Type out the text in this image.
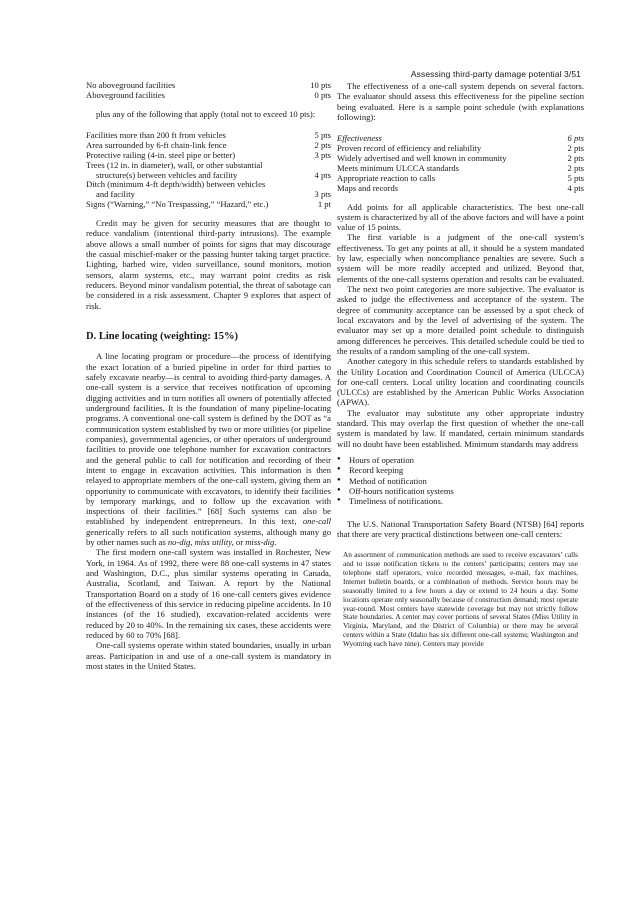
Assessing third-party damage potential 3/51
No aboveground facilities	10 pts
Aboveground facilities	0 pts

plus any of the following that apply (total not to exceed 10 pts):

Facilities more than 200 ft from vehicles	5 pts
Area surrounded by 6-ft chain-link fence	2 pts
Protective railing (4-in. steel pipe or better)	3 pts
Trees (12 in. in diameter), wall, or other substantial	
structure(s) between vehicles and facility	4 pts
Ditch (minimum 4-ft depth/width) between vehicles	
and facility	3 pts
Signs (“Warning,” “No Trespassing,” “Hazard,” etc.)	1 pt

Credit may be given for security measures that are thought to reduce vandalism (intentional third-party intrusions). The example above allows a small number of points for signs that may discourage the casual mischief-maker or the passing hunter taking target practice. Lighting, barbed wire, video surveillance, sound monitors, motion sensors, alarm systems, etc., may warrant point credits as risk reducers. Beyond minor vandalism potential, the threat of sabotage can be considered in a risk assessment. Chapter 9 explores that aspect of risk.

D. Line locating (weighting: 15%)

A line locating program or procedure—the process of identifying the exact location of a buried pipeline in order for third parties to safely excavate nearby—is central to avoiding third-party damages. A one-call system is a service that receives notification of upcoming digging activities and in turn notifies all owners of potentially affected underground facilities. It is the foundation of many pipeline-locating programs. A conventional one-call system is defined by the DOT as “a communication system established by two or more utilities (or pipeline companies), governmental agencies, or other operators of underground facilities to provide one telephone number for excavation contractors and the general public to call for notification and recording of their intent to engage in excavation activities. This information is then relayed to appropriate members of the one-call system, giving them an opportunity to communicate with excavators, to identify their facilities by temporary markings, and to follow up the excavation with inspections of their facilities.” [68] Such systems can also be established by independent entrepreneurs. In this text, one-call generically refers to all such notification systems, although many go by other names such as no-dig, miss utility, or miss-dig.

The first modern one-call system was installed in Rochester, New York, in 1964. As of 1992, there were 88 one-call systems in 47 states and Washington, D.C., plus similar systems operating in Canada, Australia, Scotland, and Taiwan. A report by the National Transportation Board on a study of 16 one-call centers gives evidence of the effectiveness of this service in reducing pipeline accidents. In 10 instances (of the 16 studied), excavation-related accidents were reduced by 20 to 40%. In the remaining six cases, these accidents were reduced by 60 to 70% [68].

One-call systems operate within stated boundaries, usually in urban areas. Participation in and use of a one-call system is mandatory in most states in the United States.

The effectiveness of a one-call system depends on several factors. The evaluator should assess this effectiveness for the pipeline section being evaluated. Here is a sample point schedule (with explanations following):

Effectiveness	6 pts
Proven record of efficiency and reliability	2 pts
Widely advertised and well known in community	2 pts
Meets minimum ULCCA standards	2 pts
Appropriate reaction to calls	5 pts
Maps and records	4 pts

Add points for all applicable characteristics. The best one-call system is characterized by all of the above factors and will have a point value of 15 points.

The first variable is a judgment of the one-call system’s effectiveness. To get any points at all, it should be a system mandated by law, especially when noncompliance penalties are severe. Such a system will be more readily accepted and utilized. Beyond that, elements of the one-call systems operation and results can be evaluated.

The next two point categories are more subjective. The evaluator is asked to judge the effectiveness and acceptance of the system. The degree of community acceptance can be assessed by a spot check of local excavators and by the level of advertising of the system. The evaluator may set up a more detailed point schedule to distinguish among differences he perceives. This detailed schedule could be tied to the results of a random sampling of the one-call system.

Another category in this schedule refers to standards established by the Utility Location and Coordination Council of America (ULCCA) for one-call centers. Local utility location and coordinating councils (ULCCs) are established by the American Public Works Association (APWA).

The evaluator may substitute any other appropriate industry standard. This may overlap the first question of whether the one-call system is mandated by law. If mandated, certain minimum standards will no doubt have been established. Minimum standards may address

● Hours of operation
● Record keeping
● Method of notification
● Off-hours notification systems
● Timeliness of notifications.

The U.S. National Transportation Safety Board (NTSB) [64] reports that there are very practical distinctions between one-call centers:

An assortment of communication methods are used to receive excavators’ calls and to issue notification tickets to the centers’ participants; centers may use telephone staff operators, voice recorded messages, e-mail, fax machines, Internet bulletin boards, or a combination of methods. Service hours may be seasonally limited to a few hours a day or extend to 24 hours a day. Some locations operate only seasonally because of construction demand; most operate year-round. Most centers have statewide coverage but may not strictly follow State boundaries. A center may cover portions of several States (Miss Utility in Virginia, Maryland, and the District of Columbia) or there may be several centers within a State (Idaho has six different one-call systems; Washington and Wyoming each have nine). Centers may provide
